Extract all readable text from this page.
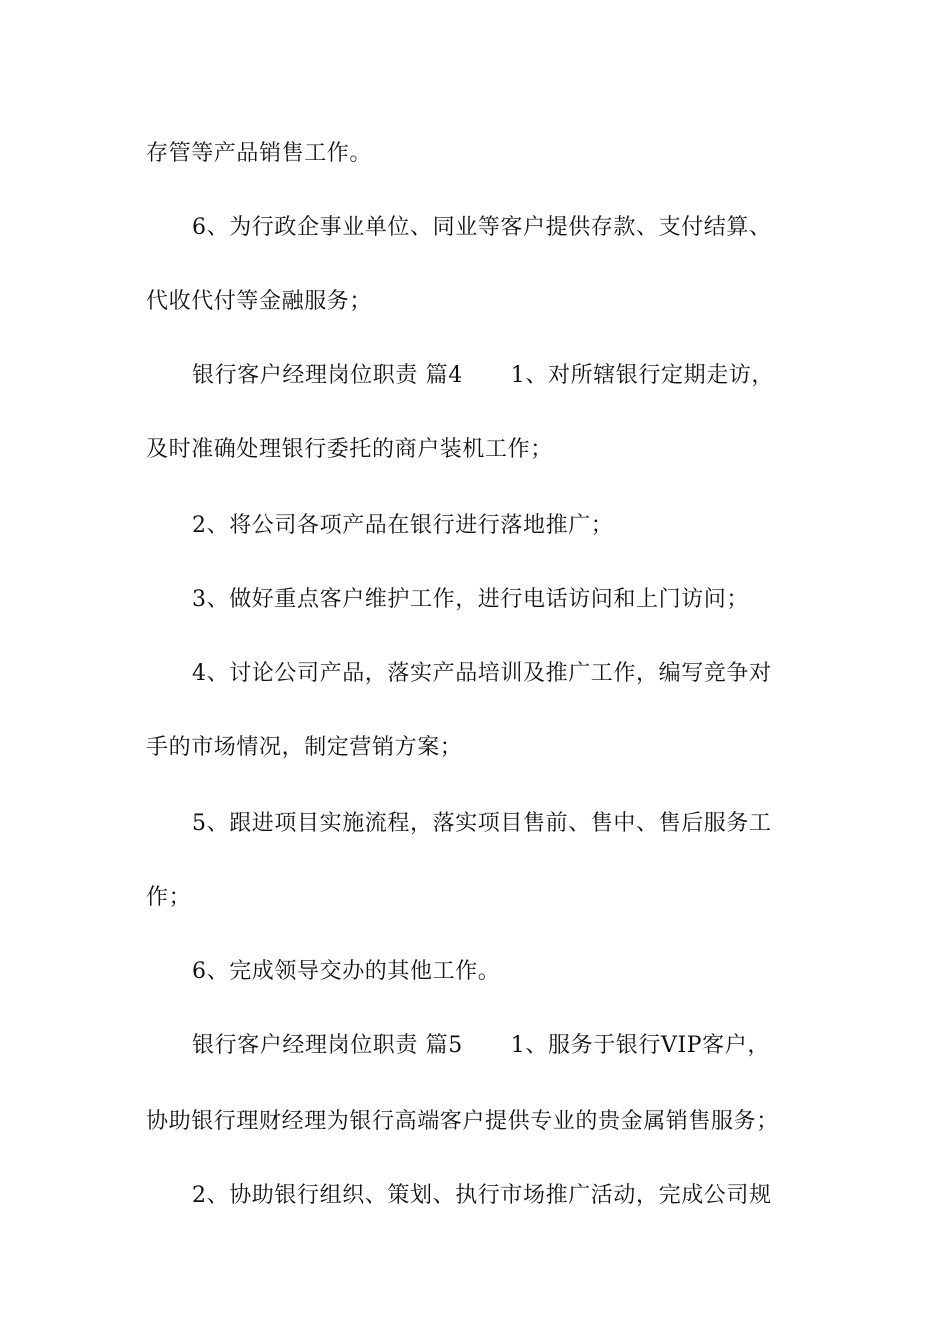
存管等产品销售工作。
6、为行政企事业单位、同业等客户提供存款、支付结算、
代收代付等金融服务；
银行客户经理岗位职责 篇4 1、对所辖银行定期走访，
及时准确处理银行委托的商户装机工作；
2、将公司各项产品在银行进行落地推广；
3、做好重点客户维护工作，进行电话访问和上门访问；
4、讨论公司产品，落实产品培训及推广工作，编写竞争对
手的市场情况，制定营销方案；
5、跟进项目实施流程，落实项目售前、售中、售后服务工
作；
6、完成领导交办的其他工作。
银行客户经理岗位职责 篇5 1、服务于银行VIP客户，
协助银行理财经理为银行高端客户提供专业的贵金属销售服务；
2、协助银行组织、策划、执行市场推广活动，完成公司规
